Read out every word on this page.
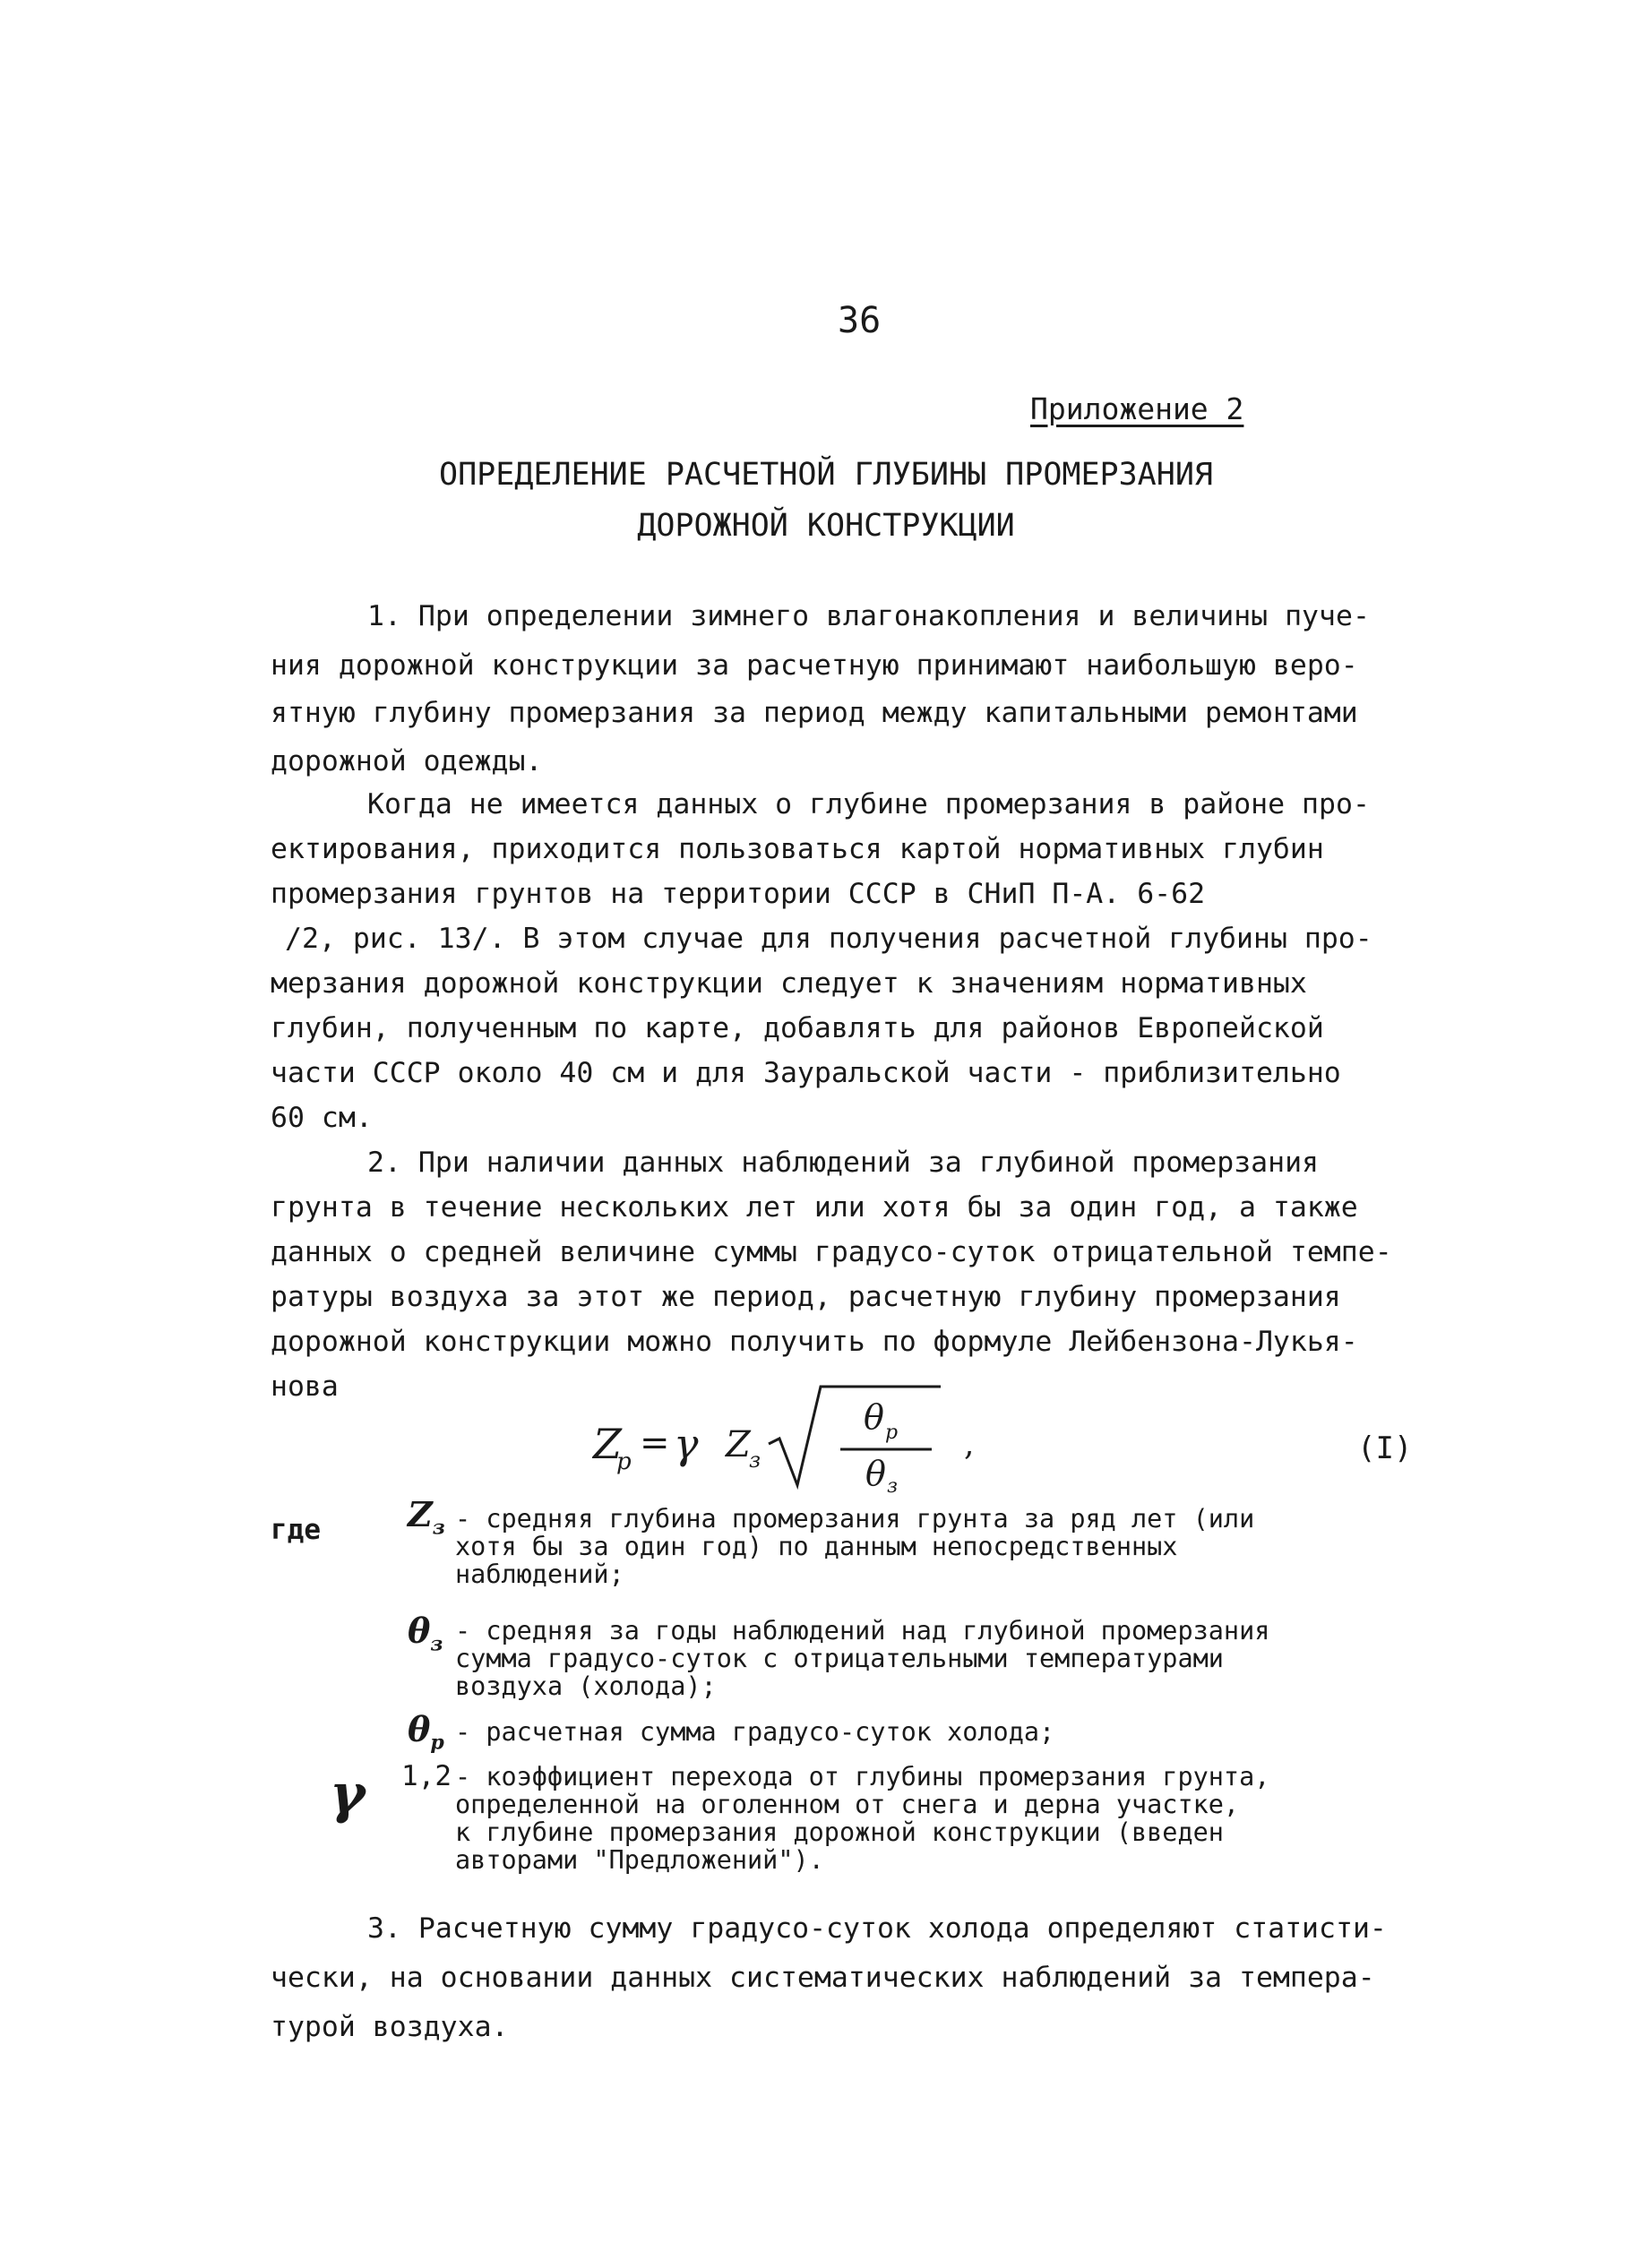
36
Приложение 2
ОПРЕДЕЛЕНИЕ РАСЧЕТНОЙ ГЛУБИНЫ ПРОМЕРЗАНИЯ
ДОРОЖНОЙ КОНСТРУКЦИИ
1. При определении зимнего влагонакопления и величины пуче-
ния дорожной конструкции за расчетную принимают наибольшую веро-
ятную глубину промерзания за период между капитальными ремонтами
дорожной одежды.
Когда не имеется данных о глубине промерзания в районе про-
ектирования, приходится пользоваться картой нормативных глубин
промерзания грунтов на территории СССР в СНиП П-А. 6-62
/2, рис. 13/. В этом случае для получения расчетной глубины про-
мерзания дорожной конструкции следует к значениям нормативных
глубин, полученным по карте, добавлять для районов Европейской
части СССР около 40 см и для Зауральской части - приблизительно
60 см.
2. При наличии данных наблюдений за глубиной промерзания
грунта в течение нескольких лет или хотя бы за один год, а также
данных о средней величине суммы градусо-суток отрицательной темпе-
ратуры воздуха за этот же период, расчетную глубину промерзания
дорожной конструкции можно получить по формуле Лейбензона-Лукья-
нова
Z
p = γ Z
з
θ p
θ з
,	(I)
где	$Z_з$ - средняя глубина промерзания грунта за ряд лет (или
хотя бы за один год) по данным непосредственных
наблюдений;
$\theta_з$ - средняя за годы наблюдений над глубиной промерзания
сумма градусо-суток с отрицательными температурами
воздуха (холода);
$\theta_p$ - расчетная сумма градусо-суток холода;
γ 1,2 - коэффициент перехода от глубины промерзания грунта,
определенной на оголенном от снега и дерна участке,
к глубине промерзания дорожной конструкции (введен
авторами "Предложений").
3. Расчетную сумму градусо-суток холода определяют статисти-
чески, на основании данных систематических наблюдений за темпера-
турой воздуха.
